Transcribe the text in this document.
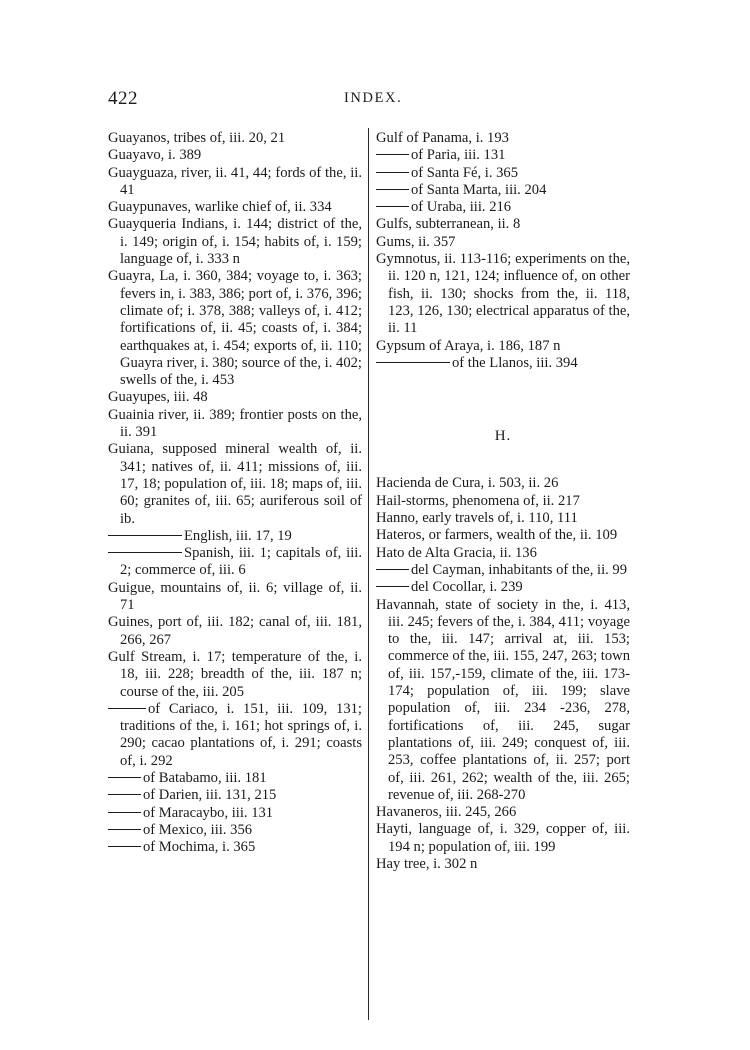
422	INDEX.

Guayanos, tribes of, iii. 20, 21

Guayavo, i. 389

Guayguaza, river, ii. 41, 44; fords of the, ii. 41

Guaypunaves, warlike chief of, ii. 334

Guayqueria Indians, i. 144; district of the, i. 149; origin of, i. 154; habits of, i. 159; language of, i. 333 n

Guayra, La, i. 360, 384; voyage to, i. 363; fevers in, i. 383, 386; port of, i. 376, 396; climate of; i. 378, 388; valleys of, i. 412; fortifications of, ii. 45; coasts of, i. 384; earthquakes at, i. 454; exports of, ii. 110; Guayra river, i. 380; source of the, i. 402; swells of the, i. 453

Guayupes, iii. 48

Guainia river, ii. 389; frontier posts on the, ii. 391

Guiana, supposed mineral wealth of, ii. 341; natives of, ii. 411; missions of, iii. 17, 18; population of, iii. 18; maps of, iii. 60; granites of, iii. 65; auriferous soil of ib.

English, iii. 17, 19

Spanish, iii. 1; capitals of, iii. 2; commerce of, iii. 6

Guigue, mountains of, ii. 6; village of, ii. 71

Guines, port of, iii. 182; canal of, iii. 181, 266, 267

Gulf Stream, i. 17; temperature of the, i. 18, iii. 228; breadth of the, iii. 187 n; course of the, iii. 205

of Cariaco, i. 151, iii. 109, 131; traditions of the, i. 161; hot springs of, i. 290; cacao plantations of, i. 291; coasts of, i. 292

of Batabamo, iii. 181

of Darien, iii. 131, 215

of Maracaybo, iii. 131

of Mexico, iii. 356

of Mochima, i. 365

Gulf of Panama, i. 193

of Paria, iii. 131

of Santa Fé, i. 365

of Santa Marta, iii. 204

of Uraba, iii. 216

Gulfs, subterranean, ii. 8

Gums, ii. 357

Gymnotus, ii. 113-116; experiments on the, ii. 120 n, 121, 124; influence of, on other fish, ii. 130; shocks from the, ii. 118, 123, 126, 130; electrical apparatus of the, ii. 11

Gypsum of Araya, i. 186, 187 n

of the Llanos, iii. 394

H.

Hacienda de Cura, i. 503, ii. 26

Hail-storms, phenomena of, ii. 217

Hanno, early travels of, i. 110, 111

Hateros, or farmers, wealth of the, ii. 109

Hato de Alta Gracia, ii. 136

del Cayman, inhabitants of the, ii. 99

del Cocollar, i. 239

Havannah, state of society in the, i. 413, iii. 245; fevers of the, i. 384, 411; voyage to the, iii. 147; arrival at, iii. 153; commerce of the, iii. 155, 247, 263; town of, iii. 157,-159, climate of the, iii. 173-174; population of, iii. 199; slave population of, iii. 234 -236, 278, fortifications of, iii. 245, sugar plantations of, iii. 249; conquest of, iii. 253, coffee plantations of, ii. 257; port of, iii. 261, 262; wealth of the, iii. 265; revenue of, iii. 268-270

Havaneros, iii. 245, 266

Hayti, language of, i. 329, copper of, iii. 194 n; population of, iii. 199

Hay tree, i. 302 n
